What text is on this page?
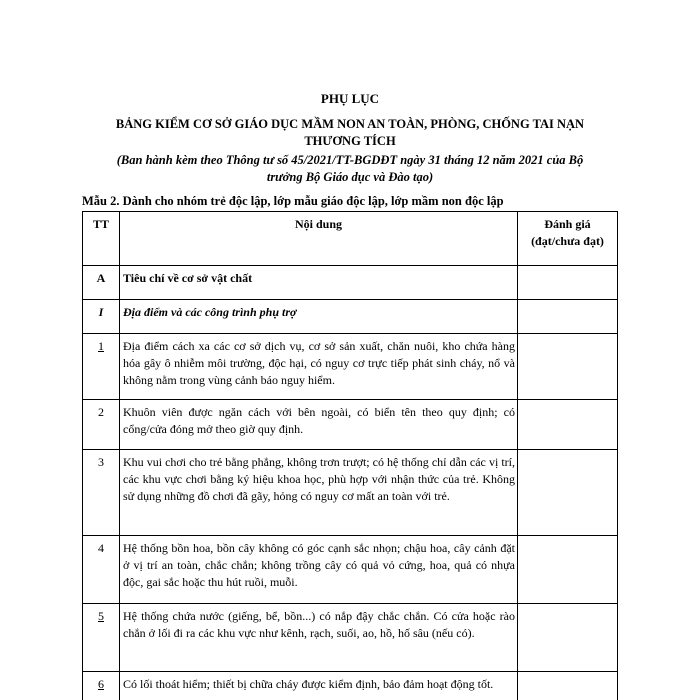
PHỤ LỤC
BẢNG KIỂM CƠ SỞ GIÁO DỤC MẦM NON AN TOÀN, PHÒNG, CHỐNG TAI NẠN
THƯƠNG TÍCH
(Ban hành kèm theo Thông tư số 45/2021/TT-BGDĐT ngày 31 tháng 12 năm 2021 của Bộ
trưởng Bộ Giáo dục và Đào tạo)
Mẫu 2. Dành cho nhóm trẻ độc lập, lớp mẫu giáo độc lập, lớp mầm non độc lập
TT	Nội dung	Đánh giá
(đạt/chưa đạt)

A	Tiêu chí về cơ sở vật chất	
I	Địa điểm và các công trình phụ trợ	
1	Địa điểm cách xa các cơ sở dịch vụ, cơ sở sản xuất, chăn nuôi, kho chứa hàng hóa gây ô nhiễm môi trường, độc hại, có nguy cơ trực tiếp phát sinh cháy, nổ và không nằm trong vùng cảnh báo nguy hiểm.	
2	Khuôn viên được ngăn cách với bên ngoài, có biển tên theo quy định; có cổng/cửa đóng mở theo giờ quy định.	
3	Khu vui chơi cho trẻ bằng phẳng, không trơn trượt; có hệ thống chỉ dẫn các vị trí, các khu vực chơi bằng ký hiệu khoa học, phù hợp với nhận thức của trẻ. Không sử dụng những đồ chơi đã gãy, hỏng có nguy cơ mất an toàn với trẻ.	
4	Hệ thống bồn hoa, bồn cây không có góc cạnh sắc nhọn; chậu hoa, cây cảnh đặt ở vị trí an toàn, chắc chắn; không trồng cây có quả vỏ cứng, hoa, quả có nhựa độc, gai sắc hoặc thu hút ruồi, muỗi.	
5	Hệ thống chứa nước (giếng, bể, bồn...) có nắp đậy chắc chắn. Có cửa hoặc rào chắn ở lối đi ra các khu vực như kênh, rạch, suối, ao, hồ, hố sâu (nếu có).	
6	Có lối thoát hiểm; thiết bị chữa cháy được kiểm định, bảo đảm hoạt động tốt.	
